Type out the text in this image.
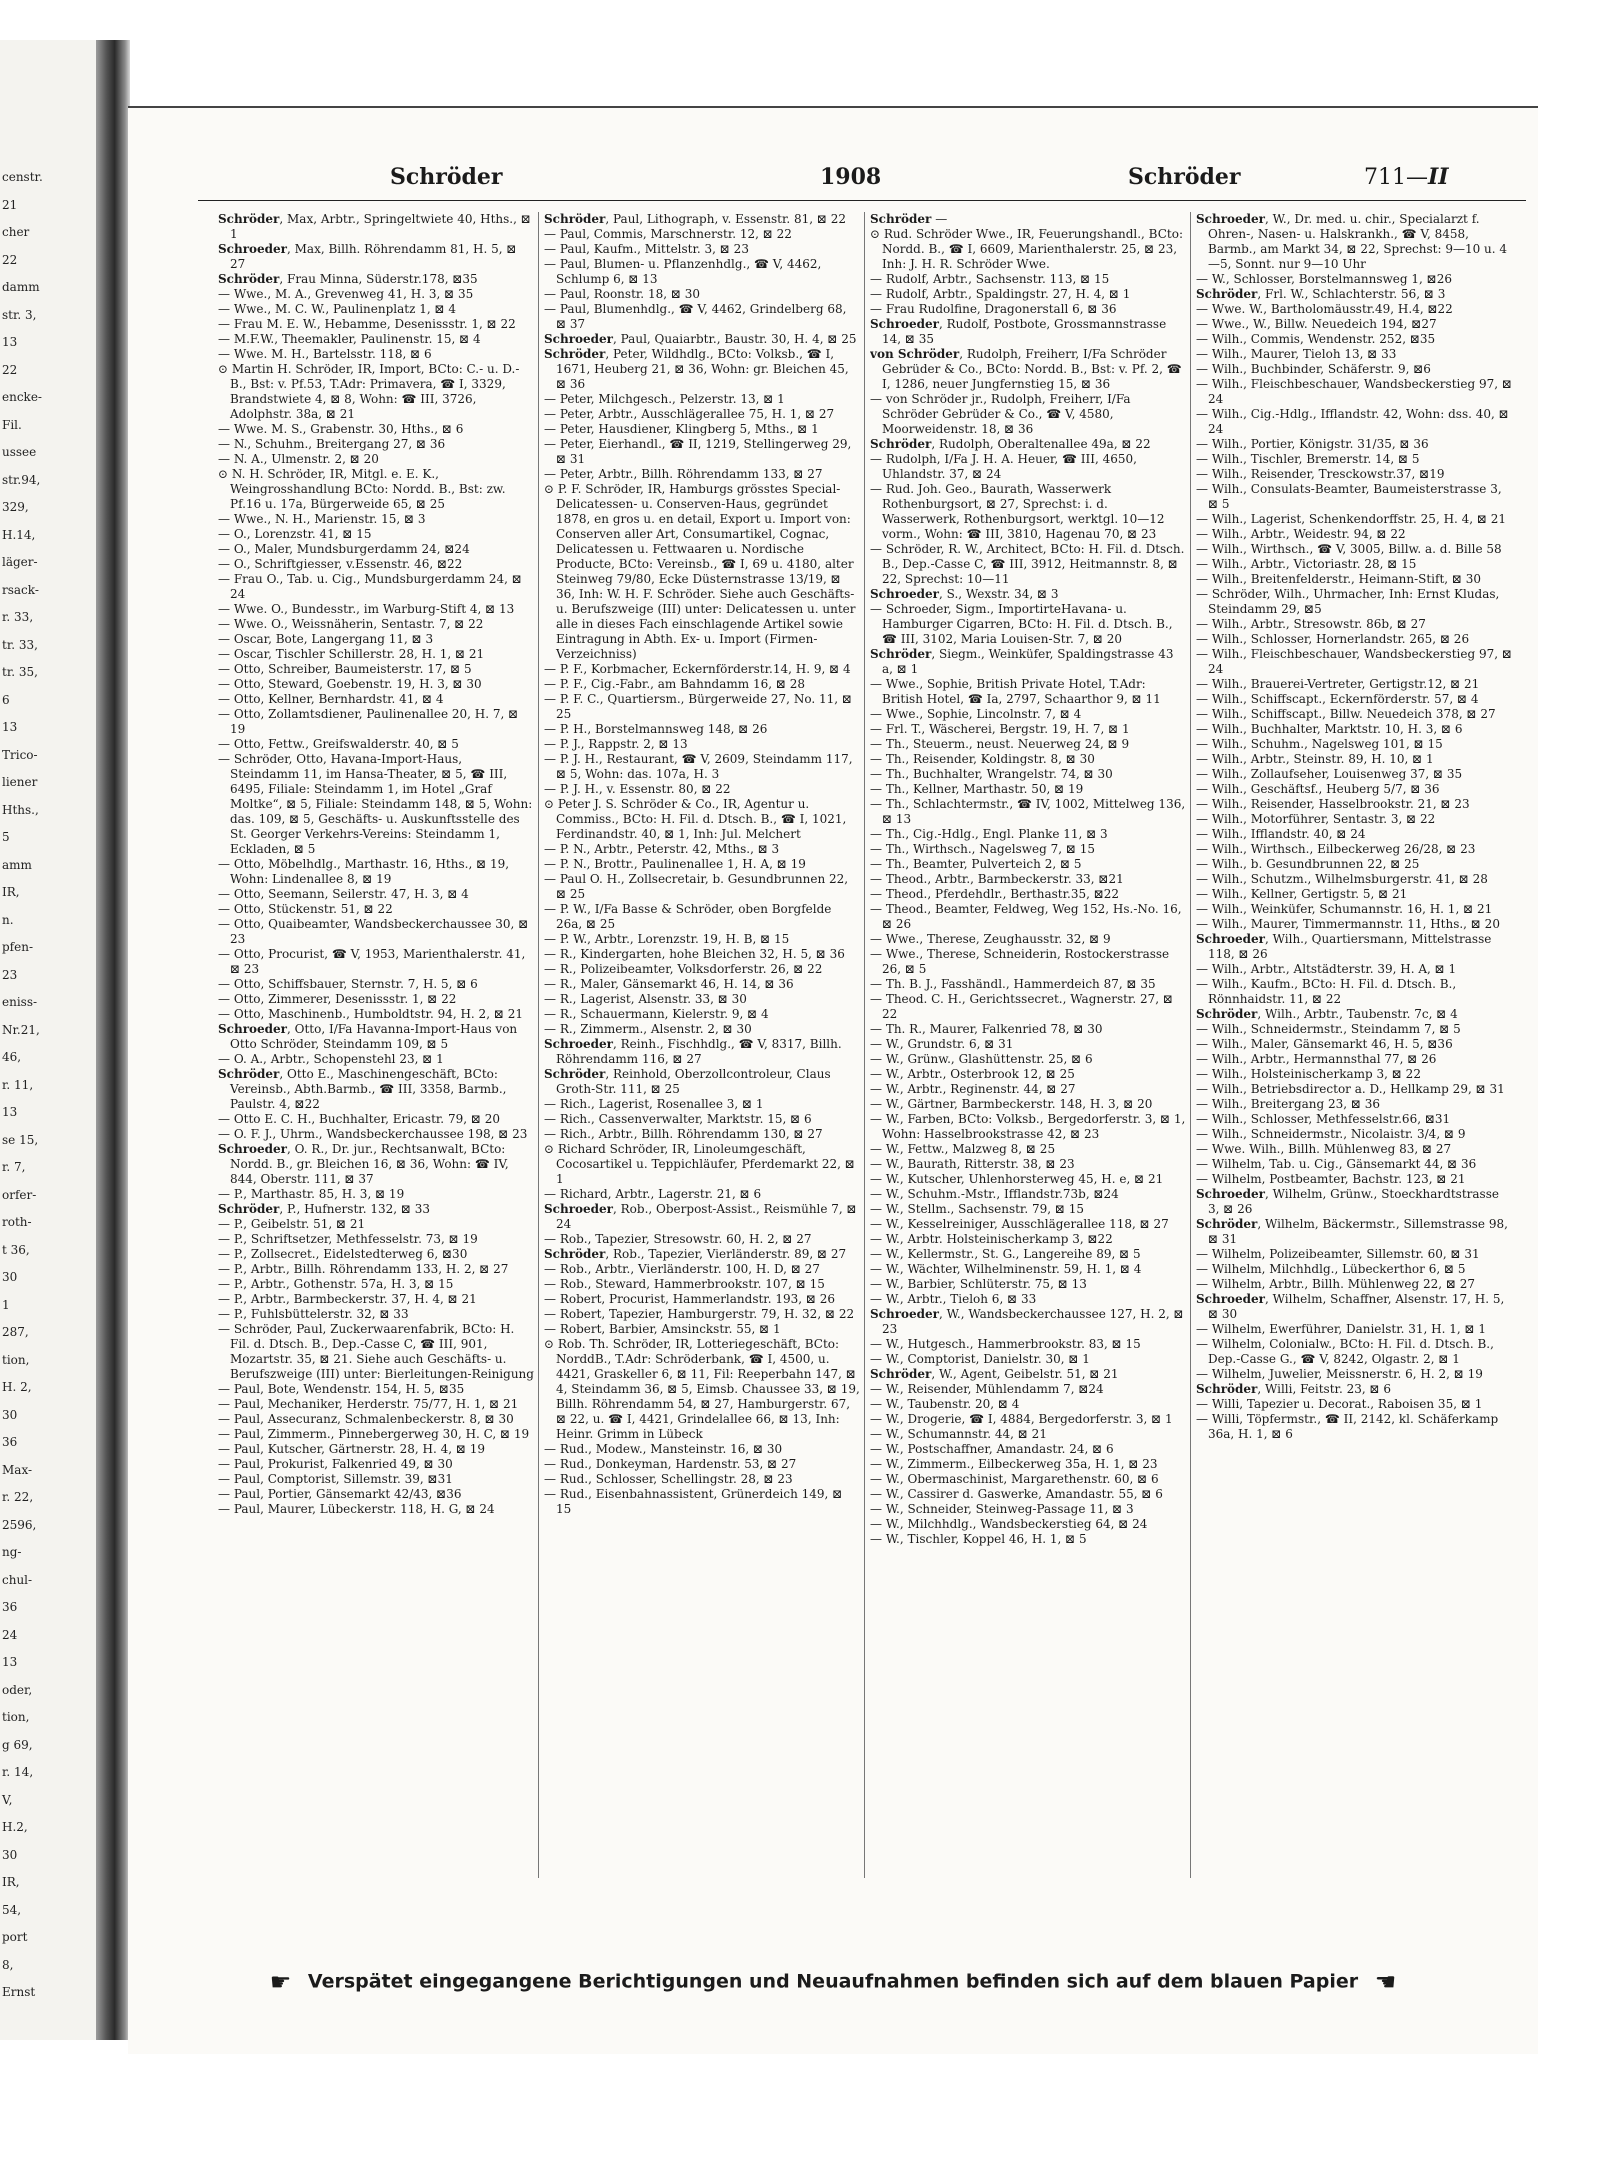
censtr.
21
cher
22
damm
str. 3,
13
22
encke-
Fil.
ussee
str.94,
329,
H.14,
läger-
rsack-
r. 33,
tr. 33,
tr. 35,
6
13
Trico-
liener
Hths.,
5
amm
IR,
n.
pfen-
23
eniss-
Nr.21,
46,
r. 11,
13
se 15,
r. 7,
orfer-
roth-
t 36,
30
1
287,
tion,
H. 2,
30
36
Max-
r. 22,
2596,
ng-
chul-
36
24
13
oder,
tion,
g 69,
r. 14,
V,
H.2,
30
IR,
54,
port
8,
Ernst
Schröder	1908	Schröder	711—II

Schröder, Max, Arbtr., Springeltwiete 40, Hths., ⊠ 1

Schroeder, Max, Billh. Röhrendamm 81, H. 5, ⊠ 27

Schröder, Frau Minna, Süderstr.178, ⊠35

— Wwe., M. A., Grevenweg 41, H. 3, ⊠ 35

— Wwe., M. C. W., Paulinenplatz 1, ⊠ 4

— Frau M. E. W., Hebamme, Desenissstr. 1, ⊠ 22

— M.F.W., Theemakler, Paulinenstr. 15, ⊠ 4

— Wwe. M. H., Bartelsstr. 118, ⊠ 6

⊙ Martin H. Schröder, IR, Import, BCto: C.- u. D.-B., Bst: v. Pf.53, T.Adr: Primavera, ☎ I, 3329, Brandstwiete 4, ⊠ 8, Wohn: ☎ III, 3726, Adolphstr. 38a, ⊠ 21

— Wwe. M. S., Grabenstr. 30, Hths., ⊠ 6

— N., Schuhm., Breitergang 27, ⊠ 36

— N. A., Ulmenstr. 2, ⊠ 20

⊙ N. H. Schröder, IR, Mitgl. e. E. K., Weingrosshandlung BCto: Nordd. B., Bst: zw. Pf.16 u. 17a, Bürgerweide 65, ⊠ 25

— Wwe., N. H., Marienstr. 15, ⊠ 3

— O., Lorenzstr. 41, ⊠ 15

— O., Maler, Mundsburgerdamm 24, ⊠24

— O., Schriftgiesser, v.Essenstr. 46, ⊠22

— Frau O., Tab. u. Cig., Mundsburgerdamm 24, ⊠ 24

— Wwe. O., Bundesstr., im Warburg-Stift 4, ⊠ 13

— Wwe. O., Weissnäherin, Sentastr. 7, ⊠ 22

— Oscar, Bote, Langergang 11, ⊠ 3

— Oscar, Tischler Schillerstr. 28, H. 1, ⊠ 21

— Otto, Schreiber, Baumeisterstr. 17, ⊠ 5

— Otto, Steward, Goebenstr. 19, H. 3, ⊠ 30

— Otto, Kellner, Bernhardstr. 41, ⊠ 4

— Otto, Zollamtsdiener, Paulinenallee 20, H. 7, ⊠ 19

— Otto, Fettw., Greifswalderstr. 40, ⊠ 5

— Schröder, Otto, Havana-Import-Haus, Steindamm 11, im Hansa-Theater, ⊠ 5, ☎ III, 6495, Filiale: Steindamm 1, im Hotel „Graf Moltke“, ⊠ 5, Filiale: Steindamm 148, ⊠ 5, Wohn: das. 109, ⊠ 5, Geschäfts- u. Auskunftsstelle des St. Georger Verkehrs-Vereins: Steindamm 1, Eckladen, ⊠ 5

— Otto, Möbelhdlg., Marthastr. 16, Hths., ⊠ 19, Wohn: Lindenallee 8, ⊠ 19

— Otto, Seemann, Seilerstr. 47, H. 3, ⊠ 4

— Otto, Stückenstr. 51, ⊠ 22

— Otto, Quaibeamter, Wandsbeckerchaussee 30, ⊠ 23

— Otto, Procurist, ☎ V, 1953, Marienthalerstr. 41, ⊠ 23

— Otto, Schiffsbauer, Sternstr. 7, H. 5, ⊠ 6

— Otto, Zimmerer, Desenissstr. 1, ⊠ 22

— Otto, Maschinenb., Humboldtstr. 94, H. 2, ⊠ 21

Schroeder, Otto, I/Fa Havanna-Import-Haus von Otto Schröder, Steindamm 109, ⊠ 5

— O. A., Arbtr., Schopenstehl 23, ⊠ 1

Schröder, Otto E., Maschinengeschäft, BCto: Vereinsb., Abth.Barmb., ☎ III, 3358, Barmb., Paulstr. 4, ⊠22

— Otto E. C. H., Buchhalter, Ericastr. 79, ⊠ 20

— O. F. J., Uhrm., Wandsbeckerchaussee 198, ⊠ 23

Schroeder, O. R., Dr. jur., Rechtsanwalt, BCto: Nordd. B., gr. Bleichen 16, ⊠ 36, Wohn: ☎ IV, 844, Oberstr. 111, ⊠ 37

— P., Marthastr. 85, H. 3, ⊠ 19

Schröder, P., Hufnerstr. 132, ⊠ 33

— P., Geibelstr. 51, ⊠ 21

— P., Schriftsetzer, Methfesselstr. 73, ⊠ 19

— P., Zollsecret., Eidelstedterweg 6, ⊠30

— P., Arbtr., Billh. Röhrendamm 133, H. 2, ⊠ 27

— P., Arbtr., Gothenstr. 57a, H. 3, ⊠ 15

— P., Arbtr., Barmbeckerstr. 37, H. 4, ⊠ 21

— P., Fuhlsbüttelerstr. 32, ⊠ 33

— Schröder, Paul, Zuckerwaarenfabrik, BCto: H. Fil. d. Dtsch. B., Dep.-Casse C, ☎ III, 901, Mozartstr. 35, ⊠ 21. Siehe auch Geschäfts- u. Berufszweige (III) unter: Bierleitungen-Reinigung

— Paul, Bote, Wendenstr. 154, H. 5, ⊠35

— Paul, Mechaniker, Herderstr. 75/77, H. 1, ⊠ 21

— Paul, Assecuranz, Schmalenbeckerstr. 8, ⊠ 30

— Paul, Zimmerm., Pinnebergerweg 30, H. C, ⊠ 19

— Paul, Kutscher, Gärtnerstr. 28, H. 4, ⊠ 19

— Paul, Prokurist, Falkenried 49, ⊠ 30

— Paul, Comptorist, Sillemstr. 39, ⊠31

— Paul, Portier, Gänsemarkt 42/43, ⊠36

— Paul, Maurer, Lübeckerstr. 118, H. G, ⊠ 24

Schröder, Paul, Lithograph, v. Essenstr. 81, ⊠ 22

— Paul, Commis, Marschnerstr. 12, ⊠ 22

— Paul, Kaufm., Mittelstr. 3, ⊠ 23

— Paul, Blumen- u. Pflanzenhdlg., ☎ V, 4462, Schlump 6, ⊠ 13

— Paul, Roonstr. 18, ⊠ 30

— Paul, Blumenhdlg., ☎ V, 4462, Grindelberg 68, ⊠ 37

Schroeder, Paul, Quaiarbtr., Baustr. 30, H. 4, ⊠ 25

Schröder, Peter, Wildhdlg., BCto: Volksb., ☎ I, 1671, Heuberg 21, ⊠ 36, Wohn: gr. Bleichen 45, ⊠ 36

— Peter, Milchgesch., Pelzerstr. 13, ⊠ 1

— Peter, Arbtr., Ausschlägerallee 75, H. 1, ⊠ 27

— Peter, Hausdiener, Klingberg 5, Mths., ⊠ 1

— Peter, Eierhandl., ☎ II, 1219, Stellingerweg 29, ⊠ 31

— Peter, Arbtr., Billh. Röhrendamm 133, ⊠ 27

⊙ P. F. Schröder, IR, Hamburgs grösstes Special-Delicatessen- u. Conserven-Haus, gegründet 1878, en gros u. en detail, Export u. Import von: Conserven aller Art, Consumartikel, Cognac, Delicatessen u. Fettwaaren u. Nordische Producte, BCto: Vereinsb., ☎ I, 69 u. 4180, alter Steinweg 79/80, Ecke Düsternstrasse 13/19, ⊠ 36, Inh: W. H. F. Schröder. Siehe auch Geschäfts- u. Berufszweige (III) unter: Delicatessen u. unter alle in dieses Fach einschlagende Artikel sowie Eintragung in Abth. Ex- u. Import (Firmen-Verzeichniss)

— P. F., Korbmacher, Eckernförderstr.14, H. 9, ⊠ 4

— P. F., Cig.-Fabr., am Bahndamm 16, ⊠ 28

— P. F. C., Quartiersm., Bürgerweide 27, No. 11, ⊠ 25

— P. H., Borstelmannsweg 148, ⊠ 26

— P. J., Rappstr. 2, ⊠ 13

— P. J. H., Restaurant, ☎ V, 2609, Steindamm 117, ⊠ 5, Wohn: das. 107a, H. 3

— P. J. H., v. Essenstr. 80, ⊠ 22

⊙ Peter J. S. Schröder & Co., IR, Agentur u. Commiss., BCto: H. Fil. d. Dtsch. B., ☎ I, 1021, Ferdinandstr. 40, ⊠ 1, Inh: Jul. Melchert

— P. N., Arbtr., Peterstr. 42, Mths., ⊠ 3

— P. N., Brottr., Paulinenallee 1, H. A, ⊠ 19

— Paul O. H., Zollsecretair, b. Gesundbrunnen 22, ⊠ 25

— P. W., I/Fa Basse & Schröder, oben Borgfelde 26a, ⊠ 25

— P. W., Arbtr., Lorenzstr. 19, H. B, ⊠ 15

— R., Kindergarten, hohe Bleichen 32, H. 5, ⊠ 36

— R., Polizeibeamter, Volksdorferstr. 26, ⊠ 22

— R., Maler, Gänsemarkt 46, H. 14, ⊠ 36

— R., Lagerist, Alsenstr. 33, ⊠ 30

— R., Schauermann, Kielerstr. 9, ⊠ 4

— R., Zimmerm., Alsenstr. 2, ⊠ 30

Schroeder, Reinh., Fischhdlg., ☎ V, 8317, Billh. Röhrendamm 116, ⊠ 27

Schröder, Reinhold, Oberzollcontroleur, Claus Groth-Str. 111, ⊠ 25

— Rich., Lagerist, Rosenallee 3, ⊠ 1

— Rich., Cassenverwalter, Marktstr. 15, ⊠ 6

— Rich., Arbtr., Billh. Röhrendamm 130, ⊠ 27

⊙ Richard Schröder, IR, Linoleumgeschäft, Cocosartikel u. Teppichläufer, Pferdemarkt 22, ⊠ 1

— Richard, Arbtr., Lagerstr. 21, ⊠ 6

Schroeder, Rob., Oberpost-Assist., Reismühle 7, ⊠ 24

— Rob., Tapezier, Stresowstr. 60, H. 2, ⊠ 27

Schröder, Rob., Tapezier, Vierländerstr. 89, ⊠ 27

— Rob., Arbtr., Vierländerstr. 100, H. D, ⊠ 27

— Rob., Steward, Hammerbrookstr. 107, ⊠ 15

— Robert, Procurist, Hammerlandstr. 193, ⊠ 26

— Robert, Tapezier, Hamburgerstr. 79, H. 32, ⊠ 22

— Robert, Barbier, Amsinckstr. 55, ⊠ 1

⊙ Rob. Th. Schröder, IR, Lotteriegeschäft, BCto: NorddB., T.Adr: Schröderbank, ☎ I, 4500, u. 4421, Graskeller 6, ⊠ 11, Fil: Reeperbahn 147, ⊠ 4, Steindamm 36, ⊠ 5, Eimsb. Chaussee 33, ⊠ 19, Billh. Röhrendamm 54, ⊠ 27, Hamburgerstr. 67, ⊠ 22, u. ☎ I, 4421, Grindelallee 66, ⊠ 13, Inh: Heinr. Grimm in Lübeck

— Rud., Modew., Mansteinstr. 16, ⊠ 30

— Rud., Donkeyman, Hardenstr. 53, ⊠ 27

— Rud., Schlosser, Schellingstr. 28, ⊠ 23

— Rud., Eisenbahnassistent, Grünerdeich 149, ⊠ 15

Schröder —

⊙ Rud. Schröder Wwe., IR, Feuerungshandl., BCto: Nordd. B., ☎ I, 6609, Marienthalerstr. 25, ⊠ 23, Inh: J. H. R. Schröder Wwe.

— Rudolf, Arbtr., Sachsenstr. 113, ⊠ 15

— Rudolf, Arbtr., Spaldingstr. 27, H. 4, ⊠ 1

— Frau Rudolfine, Dragonerstall 6, ⊠ 36

Schroeder, Rudolf, Postbote, Grossmannstrasse 14, ⊠ 35

von Schröder, Rudolph, Freiherr, I/Fa Schröder Gebrüder & Co., BCto: Nordd. B., Bst: v. Pf. 2, ☎ I, 1286, neuer Jungfernstieg 15, ⊠ 36

— von Schröder jr., Rudolph, Freiherr, I/Fa Schröder Gebrüder & Co., ☎ V, 4580, Moorweidenstr. 18, ⊠ 36

Schröder, Rudolph, Oberaltenallee 49a, ⊠ 22

— Rudolph, I/Fa J. H. A. Heuer, ☎ III, 4650, Uhlandstr. 37, ⊠ 24

— Rud. Joh. Geo., Baurath, Wasserwerk Rothenburgsort, ⊠ 27, Sprechst: i. d. Wasserwerk, Rothenburgsort, werktgl. 10—12 vorm., Wohn: ☎ III, 3810, Hagenau 70, ⊠ 23

— Schröder, R. W., Architect, BCto: H. Fil. d. Dtsch. B., Dep.-Casse C, ☎ III, 3912, Heitmannstr. 8, ⊠ 22, Sprechst: 10—11

Schroeder, S., Wexstr. 34, ⊠ 3

— Schroeder, Sigm., ImportirteHavana- u. Hamburger Cigarren, BCto: H. Fil. d. Dtsch. B., ☎ III, 3102, Maria Louisen-Str. 7, ⊠ 20

Schröder, Siegm., Weinküfer, Spaldingstrasse 43 a, ⊠ 1

— Wwe., Sophie, British Private Hotel, T.Adr: British Hotel, ☎ Ia, 2797, Schaarthor 9, ⊠ 11

— Wwe., Sophie, Lincolnstr. 7, ⊠ 4

— Frl. T., Wäscherei, Bergstr. 19, H. 7, ⊠ 1

— Th., Steuerm., neust. Neuerweg 24, ⊠ 9

— Th., Reisender, Koldingstr. 8, ⊠ 30

— Th., Buchhalter, Wrangelstr. 74, ⊠ 30

— Th., Kellner, Marthastr. 50, ⊠ 19

— Th., Schlachtermstr., ☎ IV, 1002, Mittelweg 136, ⊠ 13

— Th., Cig.-Hdlg., Engl. Planke 11, ⊠ 3

— Th., Wirthsch., Nagelsweg 7, ⊠ 15

— Th., Beamter, Pulverteich 2, ⊠ 5

— Theod., Arbtr., Barmbeckerstr. 33, ⊠21

— Theod., Pferdehdlr., Berthastr.35, ⊠22

— Theod., Beamter, Feldweg, Weg 152, Hs.-No. 16, ⊠ 26

— Wwe., Therese, Zeughausstr. 32, ⊠ 9

— Wwe., Therese, Schneiderin, Rostockerstrasse 26, ⊠ 5

— Th. B. J., Fasshändl., Hammerdeich 87, ⊠ 35

— Theod. C. H., Gerichtssecret., Wagnerstr. 27, ⊠ 22

— Th. R., Maurer, Falkenried 78, ⊠ 30

— W., Grundstr. 6, ⊠ 31

— W., Grünw., Glashüttenstr. 25, ⊠ 6

— W., Arbtr., Osterbrook 12, ⊠ 25

— W., Arbtr., Reginenstr. 44, ⊠ 27

— W., Gärtner, Barmbeckerstr. 148, H. 3, ⊠ 20

— W., Farben, BCto: Volksb., Bergedorferstr. 3, ⊠ 1, Wohn: Hasselbrookstrasse 42, ⊠ 23

— W., Fettw., Malzweg 8, ⊠ 25

— W., Baurath, Ritterstr. 38, ⊠ 23

— W., Kutscher, Uhlenhorsterweg 45, H. e, ⊠ 21

— W., Schuhm.-Mstr., Ifflandstr.73b, ⊠24

— W., Stellm., Sachsenstr. 79, ⊠ 15

— W., Kesselreiniger, Ausschlägerallee 118, ⊠ 27

— W., Arbtr. Holsteinischerkamp 3, ⊠22

— W., Kellermstr., St. G., Langereihe 89, ⊠ 5

— W., Wächter, Wilhelminenstr. 59, H. 1, ⊠ 4

— W., Barbier, Schlüterstr. 75, ⊠ 13

— W., Arbtr., Tieloh 6, ⊠ 33

Schroeder, W., Wandsbeckerchaussee 127, H. 2, ⊠ 23

— W., Hutgesch., Hammerbrookstr. 83, ⊠ 15

— W., Comptorist, Danielstr. 30, ⊠ 1

Schröder, W., Agent, Geibelstr. 51, ⊠ 21

— W., Reisender, Mühlendamm 7, ⊠24

— W., Taubenstr. 20, ⊠ 4

— W., Drogerie, ☎ I, 4884, Bergedorferstr. 3, ⊠ 1

— W., Schumannstr. 44, ⊠ 21

— W., Postschaffner, Amandastr. 24, ⊠ 6

— W., Zimmerm., Eilbeckerweg 35a, H. 1, ⊠ 23

— W., Obermaschinist, Margarethenstr. 60, ⊠ 6

— W., Cassirer d. Gaswerke, Amandastr. 55, ⊠ 6

— W., Schneider, Steinweg-Passage 11, ⊠ 3

— W., Milchhdlg., Wandsbeckerstieg 64, ⊠ 24

— W., Tischler, Koppel 46, H. 1, ⊠ 5

Schroeder, W., Dr. med. u. chir., Specialarzt f. Ohren-, Nasen- u. Halskrankh., ☎ V, 8458, Barmb., am Markt 34, ⊠ 22, Sprechst: 9—10 u. 4—5, Sonnt. nur 9—10 Uhr

— W., Schlosser, Borstelmannsweg 1, ⊠26

Schröder, Frl. W., Schlachterstr. 56, ⊠ 3

— Wwe. W., Bartholomäusstr.49, H.4, ⊠22

— Wwe., W., Billw. Neuedeich 194, ⊠27

— Wilh., Commis, Wendenstr. 252, ⊠35

— Wilh., Maurer, Tieloh 13, ⊠ 33

— Wilh., Buchbinder, Schäferstr. 9, ⊠6

— Wilh., Fleischbeschauer, Wandsbeckerstieg 97, ⊠ 24

— Wilh., Cig.-Hdlg., Ifflandstr. 42, Wohn: dss. 40, ⊠ 24

— Wilh., Portier, Königstr. 31/35, ⊠ 36

— Wilh., Tischler, Bremerstr. 14, ⊠ 5

— Wilh., Reisender, Tresckowstr.37, ⊠19

— Wilh., Consulats-Beamter, Baumeisterstrasse 3, ⊠ 5

— Wilh., Lagerist, Schenkendorffstr. 25, H. 4, ⊠ 21

— Wilh., Arbtr., Weidestr. 94, ⊠ 22

— Wilh., Wirthsch., ☎ V, 3005, Billw. a. d. Bille 58

— Wilh., Arbtr., Victoriastr. 28, ⊠ 15

— Wilh., Breitenfelderstr., Heimann-Stift, ⊠ 30

— Schröder, Wilh., Uhrmacher, Inh: Ernst Kludas, Steindamm 29, ⊠5

— Wilh., Arbtr., Stresowstr. 86b, ⊠ 27

— Wilh., Schlosser, Hornerlandstr. 265, ⊠ 26

— Wilh., Fleischbeschauer, Wandsbeckerstieg 97, ⊠ 24

— Wilh., Brauerei-Vertreter, Gertigstr.12, ⊠ 21

— Wilh., Schiffscapt., Eckernförderstr. 57, ⊠ 4

— Wilh., Schiffscapt., Billw. Neuedeich 378, ⊠ 27

— Wilh., Buchhalter, Marktstr. 10, H. 3, ⊠ 6

— Wilh., Schuhm., Nagelsweg 101, ⊠ 15

— Wilh., Arbtr., Steinstr. 89, H. 10, ⊠ 1

— Wilh., Zollaufseher, Louisenweg 37, ⊠ 35

— Wilh., Geschäftsf., Heuberg 5/7, ⊠ 36

— Wilh., Reisender, Hasselbrookstr. 21, ⊠ 23

— Wilh., Motorführer, Sentastr. 3, ⊠ 22

— Wilh., Ifflandstr. 40, ⊠ 24

— Wilh., Wirthsch., Eilbeckerweg 26/28, ⊠ 23

— Wilh., b. Gesundbrunnen 22, ⊠ 25

— Wilh., Schutzm., Wilhelmsburgerstr. 41, ⊠ 28

— Wilh., Kellner, Gertigstr. 5, ⊠ 21

— Wilh., Weinküfer, Schumannstr. 16, H. 1, ⊠ 21

— Wilh., Maurer, Timmermannstr. 11, Hths., ⊠ 20

Schroeder, Wilh., Quartiersmann, Mittelstrasse 118, ⊠ 26

— Wilh., Arbtr., Altstädterstr. 39, H. A, ⊠ 1

— Wilh., Kaufm., BCto: H. Fil. d. Dtsch. B., Rönnhaidstr. 11, ⊠ 22

Schröder, Wilh., Arbtr., Taubenstr. 7c, ⊠ 4

— Wilh., Schneidermstr., Steindamm 7, ⊠ 5

— Wilh., Maler, Gänsemarkt 46, H. 5, ⊠36

— Wilh., Arbtr., Hermannsthal 77, ⊠ 26

— Wilh., Holsteinischerkamp 3, ⊠ 22

— Wilh., Betriebsdirector a. D., Hellkamp 29, ⊠ 31

— Wilh., Breitergang 23, ⊠ 36

— Wilh., Schlosser, Methfesselstr.66, ⊠31

— Wilh., Schneidermstr., Nicolaistr. 3/4, ⊠ 9

— Wwe. Wilh., Billh. Mühlenweg 83, ⊠ 27

— Wilhelm, Tab. u. Cig., Gänsemarkt 44, ⊠ 36

— Wilhelm, Postbeamter, Bachstr. 123, ⊠ 21

Schroeder, Wilhelm, Grünw., Stoeckhardtstrasse 3, ⊠ 26

Schröder, Wilhelm, Bäckermstr., Sillemstrasse 98, ⊠ 31

— Wilhelm, Polizeibeamter, Sillemstr. 60, ⊠ 31

— Wilhelm, Milchhdlg., Lübeckerthor 6, ⊠ 5

— Wilhelm, Arbtr., Billh. Mühlenweg 22, ⊠ 27

Schroeder, Wilhelm, Schaffner, Alsenstr. 17, H. 5, ⊠ 30

— Wilhelm, Ewerführer, Danielstr. 31, H. 1, ⊠ 1

— Wilhelm, Colonialw., BCto: H. Fil. d. Dtsch. B., Dep.-Casse G., ☎ V, 8242, Olgastr. 2, ⊠ 1

— Wilhelm, Juwelier, Meissnerstr. 6, H. 2, ⊠ 19

Schröder, Willi, Feitstr. 23, ⊠ 6

— Willi, Tapezier u. Decorat., Raboisen 35, ⊠ 1

— Willi, Töpfermstr., ☎ II, 2142, kl. Schäferkamp 36a, H. 1, ⊠ 6

☛ Verspätet eingegangene Berichtigungen und Neuaufnahmen befinden sich auf dem blauen Papier ☚
